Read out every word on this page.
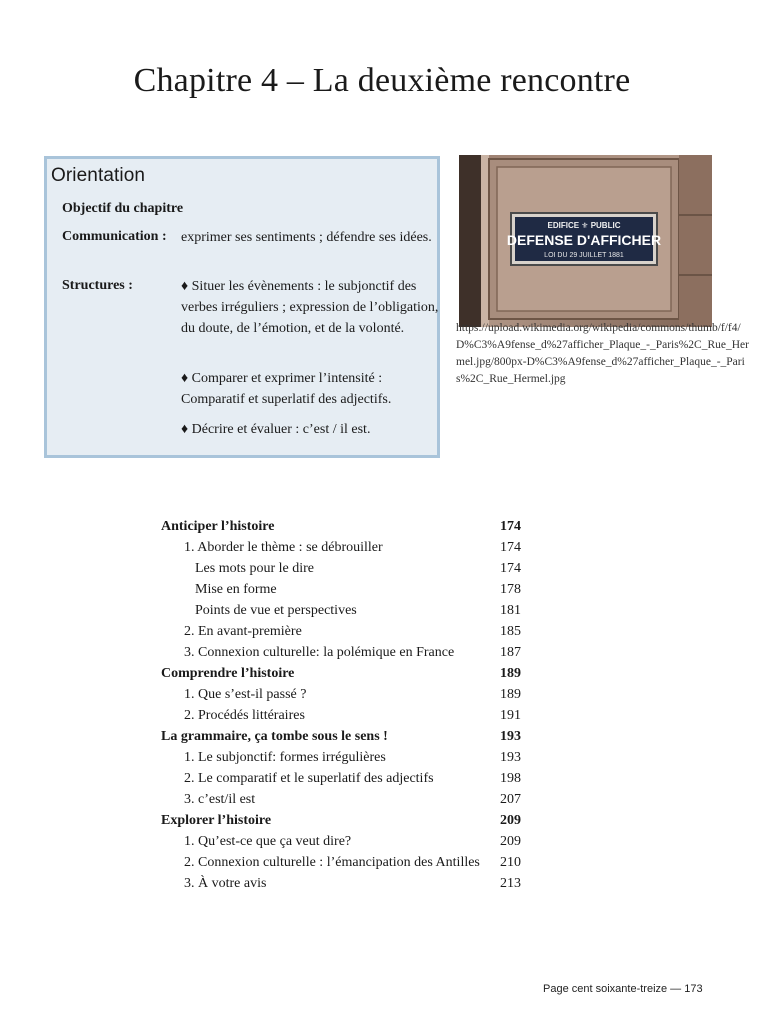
Chapitre 4 – La deuxième rencontre
Orientation
Objectif du chapitre
Communication : exprimer ses sentiments ; défendre ses idées.
Structures :	♦ Situer les évènements : le subjonctif des verbes irréguliers ; expression de l’obligation, du doute, de l’émotion, et de la volonté.
♦ Comparer et exprimer l’intensité : Comparatif et superlatif des adjectifs.
♦ Décrire et évaluer : c’est / il est.
EDIFICE ⚜ PUBLIC
DEFENSE D'AFFICHER
LOI DU 29 JUILLET 1881
https://upload.wikimedia.org/wikipedia/commons/thumb/f/f4/D%C3%A9fense_d%27afficher_Plaque_-_Paris%2C_Rue_Hermel.jpg/800px-D%C3%A9fense_d%27afficher_Plaque_-_Paris%2C_Rue_Hermel.jpg
Anticiper l’histoire	174
1. Aborder le thème : se débrouiller	174
Les mots pour le dire	174
Mise en forme	178
Points de vue et perspectives	181
2. En avant-première	185
3. Connexion culturelle: la polémique en France	187
Comprendre l’histoire	189
1. Que s’est-il passé ?	189
2. Procédés littéraires	191
La grammaire, ça tombe sous le sens !	193
1. Le subjonctif: formes irrégulières	193
2. Le comparatif et le superlatif des adjectifs	198
3. c’est/il est	207
Explorer l’histoire	209
1. Qu’est-ce que ça veut dire?	209
2. Connexion culturelle : l’émancipation des Antilles 210
3. À votre avis	213
Page cent soixante-treize — 173
